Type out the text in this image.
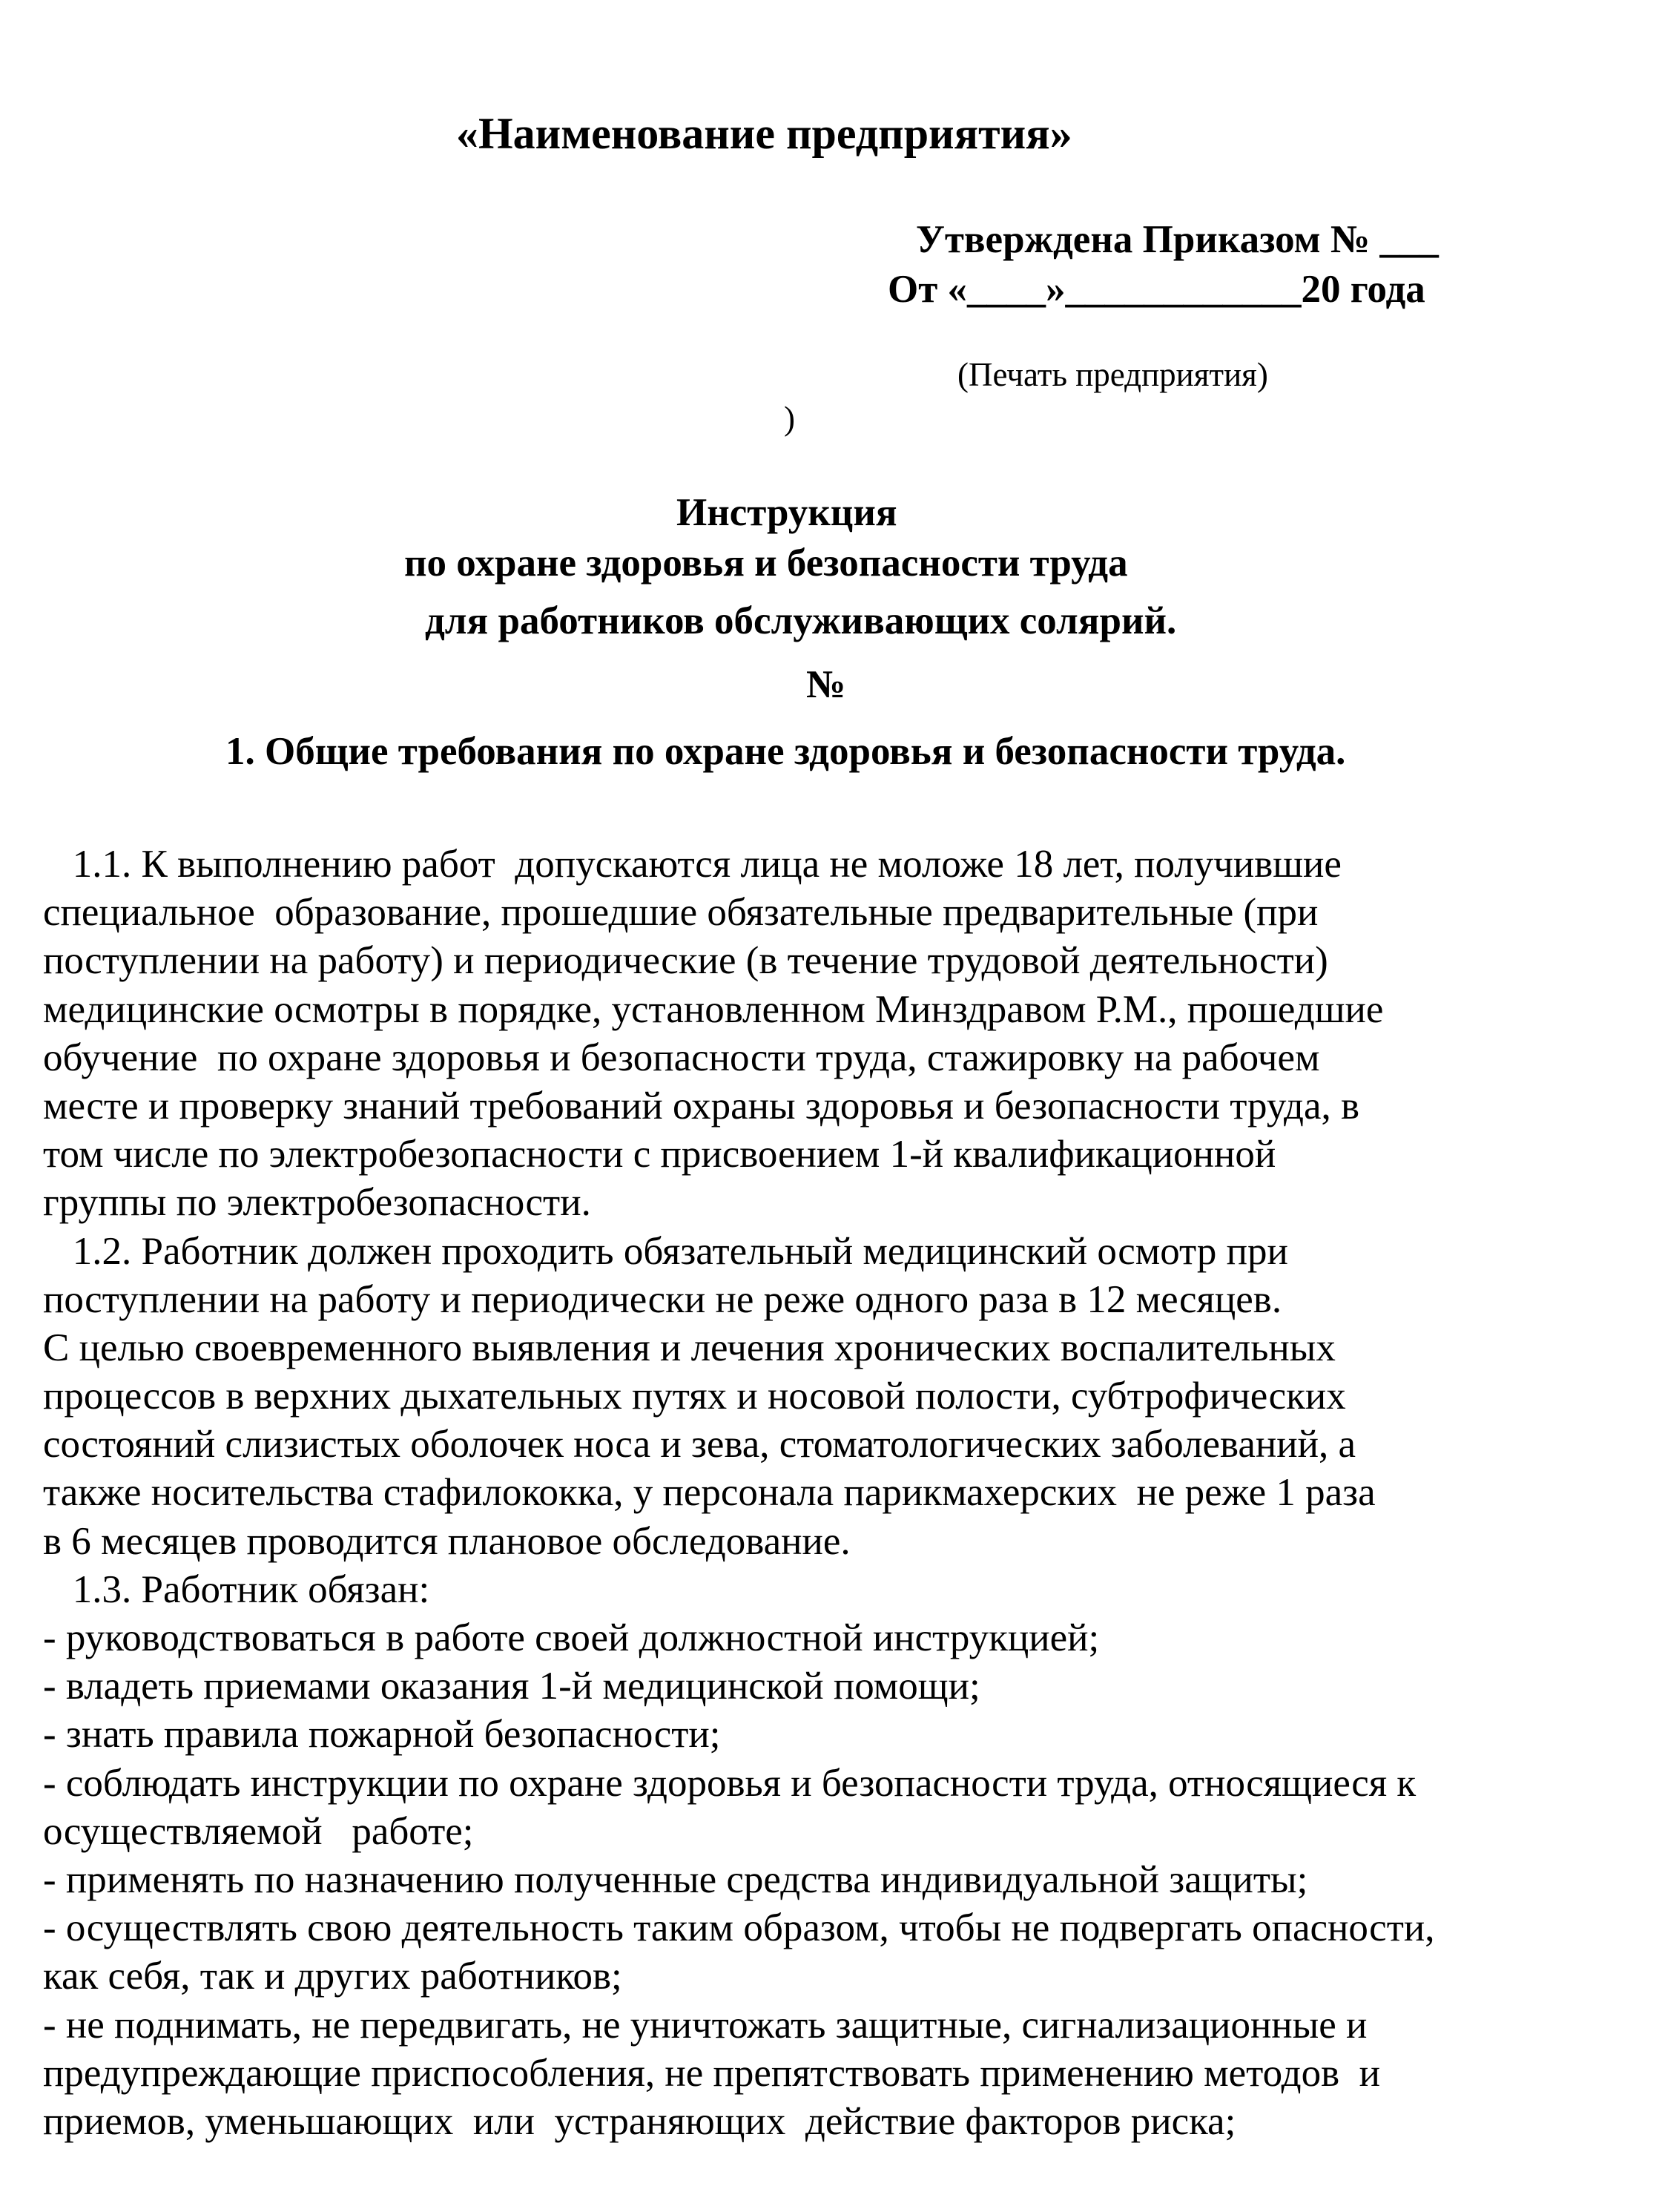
«Наименование предприятия»
Утверждена Приказом № ___
От «____»____________20 года
(Печать предприятия)
)
Инструкция
по охране здоровья и безопасности труда
для работников обслуживающих солярий.
№
1. Общие требования по охране здоровья и безопасности труда.
1.1. К выполнению работ  допускаются лица не моложе 18 лет, получившие
специальное  образование, прошедшие обязательные предварительные (при
поступлении на работу) и периодические (в течение трудовой деятельности)
медицинские осмотры в порядке, установленном Минздравом Р.М., прошедшие
обучение  по охране здоровья и безопасности труда, стажировку на рабочем
месте и проверку знаний требований охраны здоровья и безопасности труда, в
том числе по электробезопасности с присвоением 1-й квалификационной
группы по электробезопасности.
1.2. Работник должен проходить обязательный медицинский осмотр при
поступлении на работу и периодически не реже одного раза в 12 месяцев.
С целью своевременного выявления и лечения хронических воспалительных
процессов в верхних дыхательных путях и носовой полости, субтрофических
состояний слизистых оболочек носа и зева, стоматологических заболеваний, а
также носительства стафилококка, у персонала парикмахерских  не реже 1 раза
в 6 месяцев проводится плановое обследование.
1.3. Работник обязан:
- руководствоваться в работе своей должностной инструкцией;
- владеть приемами оказания 1-й медицинской помощи;
- знать правила пожарной безопасности;
- соблюдать инструкции по охране здоровья и безопасности труда, относящиеся к
осуществляемой   работе;
- применять по назначению полученные средства индивидуальной защиты;
- осуществлять свою деятельность таким образом, чтобы не подвергать опасности,
как себя, так и других работников;
- не поднимать, не передвигать, не уничтожать защитные, сигнализационные и
предупреждающие приспособления, не препятствовать применению методов  и
приемов, уменьшающих  или  устраняющих  действие факторов риска;
